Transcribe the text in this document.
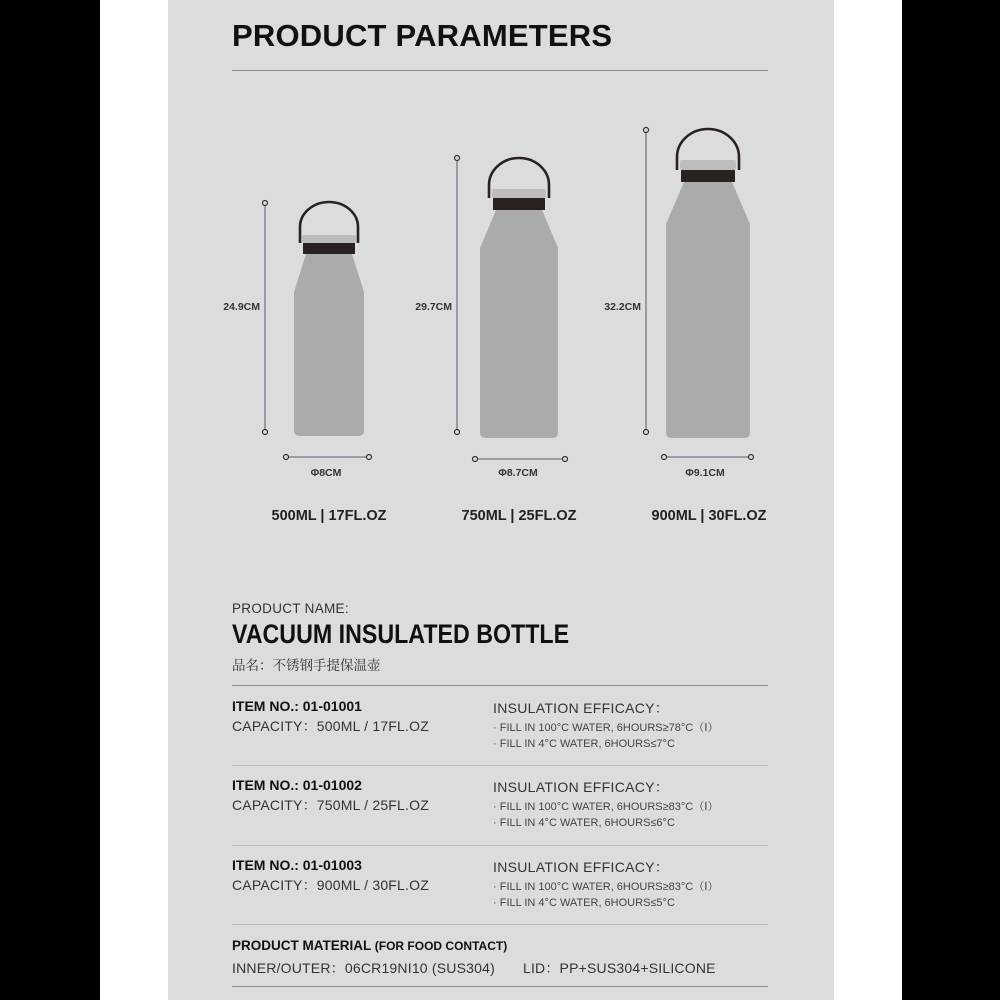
PRODUCT PARAMETERS
24.9CM
Φ8CM
500ML | 17FL.OZ
29.7CM
Φ8.7CM
750ML | 25FL.OZ
32.2CM
Φ9.1CM
900ML | 30FL.OZ
PRODUCT NAME:
VACUUM INSULATED BOTTLE
品名：不锈钢手提保温壶
ITEM NO.: 01-01001
CAPACITY：500ML / 17FL.OZ
INSULATION EFFICACY：
· FILL IN 100°C WATER, 6HOURS≥78°C（Ⅰ）
· FILL IN 4°C WATER, 6HOURS≤7°C
ITEM NO.: 01-01002
CAPACITY：750ML / 25FL.OZ
INSULATION EFFICACY：
· FILL IN 100°C WATER, 6HOURS≥83°C（Ⅰ）
· FILL IN 4°C WATER, 6HOURS≤6°C
ITEM NO.: 01-01003
CAPACITY：900ML / 30FL.OZ
INSULATION EFFICACY：
· FILL IN 100°C WATER, 6HOURS≥83°C（Ⅰ）
· FILL IN 4°C WATER, 6HOURS≤5°C
PRODUCT MATERIAL (FOR FOOD CONTACT)
INNER/OUTER：06CR19NI10 (SUS304) LID：PP+SUS304+SILICONE
